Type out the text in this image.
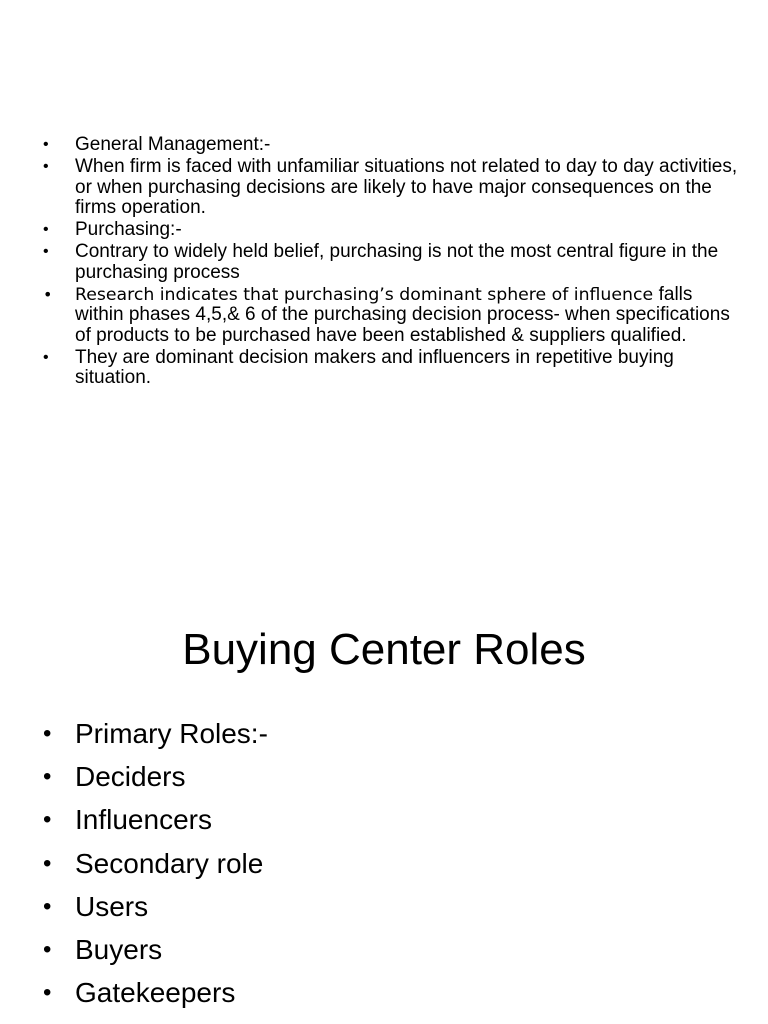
• General Management:-
• When firm is faced with unfamiliar situations not related to day to day activities, or when purchasing decisions are likely to have major consequences on the firms operation.
• Purchasing:-
• Contrary to widely held belief, purchasing is not the most central figure in the purchasing process
• Research indicates that purchasing’s dominant sphere of influence falls within phases 4,5,& 6 of the purchasing decision process- when specifications of products to be purchased have been established & suppliers qualified.
• They are dominant decision makers and influencers in repetitive buying situation.
Buying Center Roles
• Primary Roles:-
• Deciders
• Influencers
• Secondary role
• Users
• Buyers
• Gatekeepers
